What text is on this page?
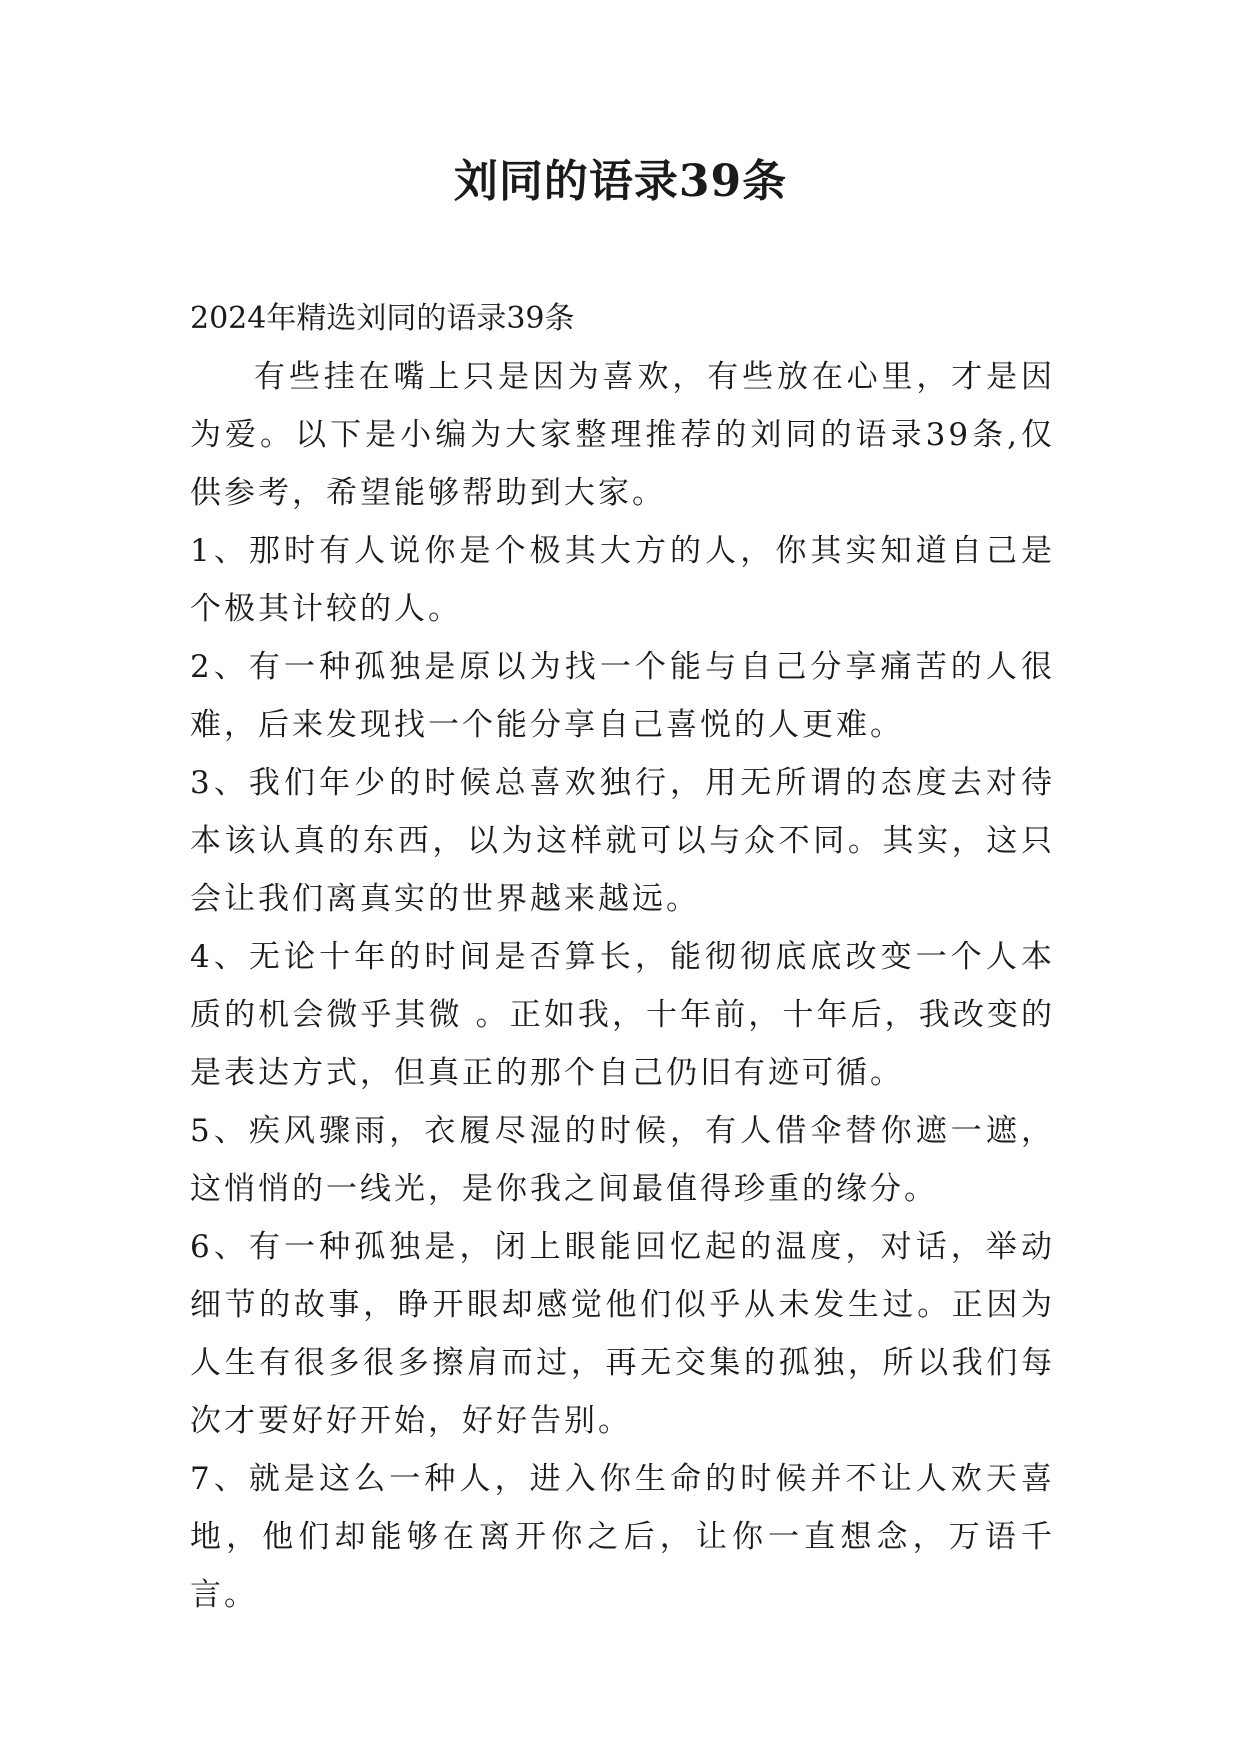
刘同的语录39条

2024年精选刘同的语录39条

有些挂在嘴上只是因为喜欢，有些放在心里，才是因为爱。以下是小编为大家整理推荐的刘同的语录39条,仅供参考，希望能够帮助到大家。

1、那时有人说你是个极其大方的人，你其实知道自己是个极其计较的人。

2、有一种孤独是原以为找一个能与自己分享痛苦的人很难，后来发现找一个能分享自己喜悦的人更难。

3、我们年少的时候总喜欢独行，用无所谓的态度去对待本该认真的东西，以为这样就可以与众不同。其实，这只会让我们离真实的世界越来越远。

4、无论十年的时间是否算长，能彻彻底底改变一个人本质的机会微乎其微 。正如我，十年前，十年后，我改变的是表达方式，但真正的那个自己仍旧有迹可循。

5、疾风骤雨，衣履尽湿的时候，有人借伞替你遮一遮，这悄悄的一线光，是你我之间最值得珍重的缘分。

6、有一种孤独是，闭上眼能回忆起的温度，对话，举动细节的故事，睁开眼却感觉他们似乎从未发生过。正因为人生有很多很多擦肩而过，再无交集的孤独，所以我们每次才要好好开始，好好告别。

7、就是这么一种人，进入你生命的时候并不让人欢天喜地，他们却能够在离开你之后，让你一直想念，万语千言。
